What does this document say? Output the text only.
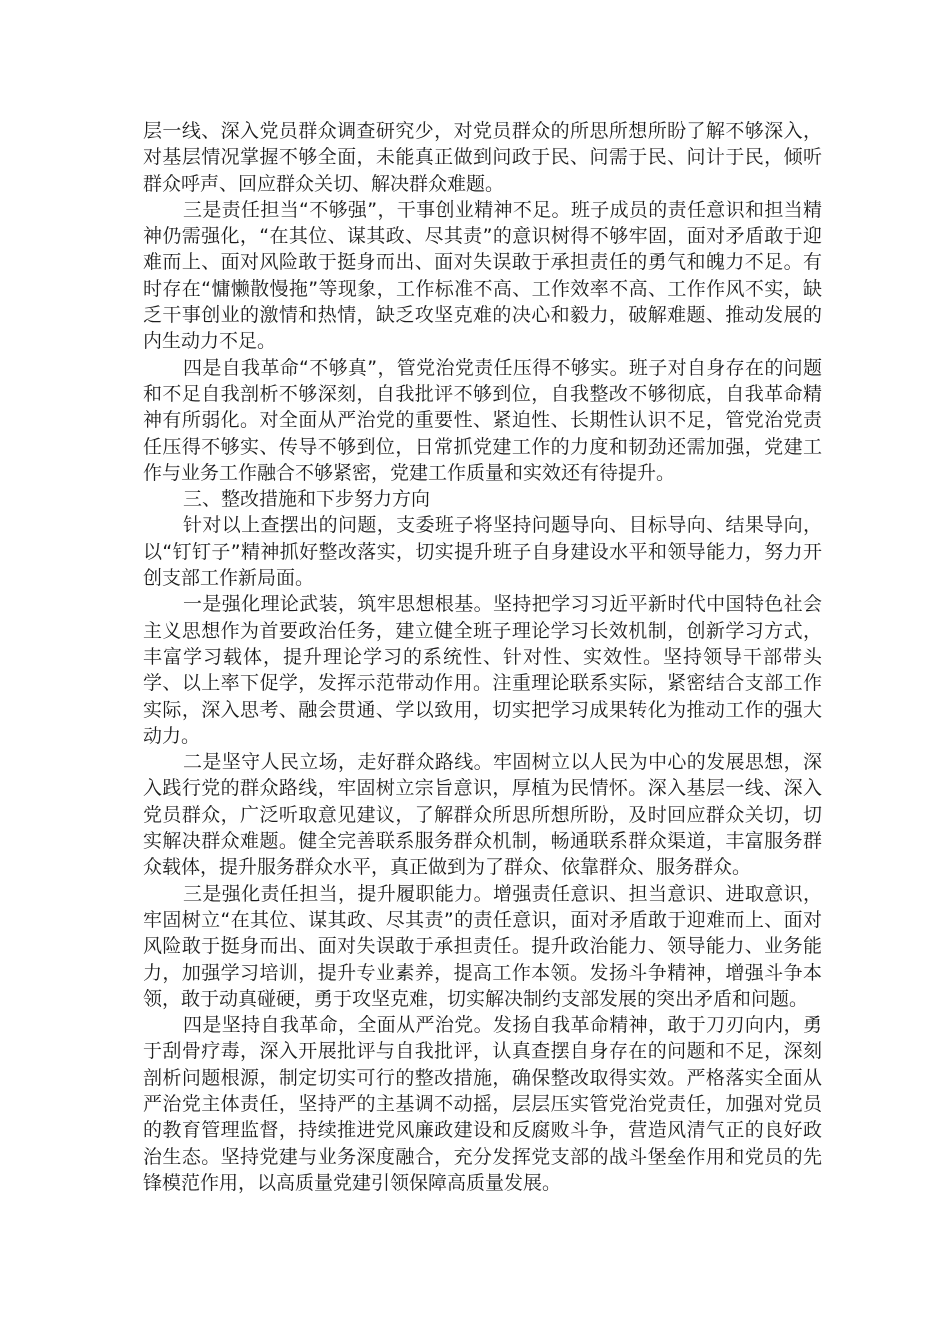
层一线、深入党员群众调查研究少，对党员群众的所思所想所盼了解不够深入，对基层情况掌握不够全面，未能真正做到问政于民、问需于民、问计于民，倾听群众呼声、回应群众关切、解决群众难题。

三是责任担当“不够强”，干事创业精神不足。班子成员的责任意识和担当精神仍需强化，“在其位、谋其政、尽其责”的意识树得不够牢固，面对矛盾敢于迎难而上、面对风险敢于挺身而出、面对失误敢于承担责任的勇气和魄力不足。有时存在“慵懒散慢拖”等现象，工作标准不高、工作效率不高、工作作风不实，缺乏干事创业的激情和热情，缺乏攻坚克难的决心和毅力，破解难题、推动发展的内生动力不足。

四是自我革命“不够真”，管党治党责任压得不够实。班子对自身存在的问题和不足自我剖析不够深刻，自我批评不够到位，自我整改不够彻底，自我革命精神有所弱化。对全面从严治党的重要性、紧迫性、长期性认识不足，管党治党责任压得不够实、传导不够到位，日常抓党建工作的力度和韧劲还需加强，党建工作与业务工作融合不够紧密，党建工作质量和实效还有待提升。

三、整改措施和下步努力方向

针对以上查摆出的问题，支委班子将坚持问题导向、目标导向、结果导向，以“钉钉子”精神抓好整改落实，切实提升班子自身建设水平和领导能力，努力开创支部工作新局面。

一是强化理论武装，筑牢思想根基。坚持把学习习近平新时代中国特色社会主义思想作为首要政治任务，建立健全班子理论学习长效机制，创新学习方式，丰富学习载体，提升理论学习的系统性、针对性、实效性。坚持领导干部带头学、以上率下促学，发挥示范带动作用。注重理论联系实际，紧密结合支部工作实际，深入思考、融会贯通、学以致用，切实把学习成果转化为推动工作的强大动力。

二是坚守人民立场，走好群众路线。牢固树立以人民为中心的发展思想，深入践行党的群众路线，牢固树立宗旨意识，厚植为民情怀。深入基层一线、深入党员群众，广泛听取意见建议，了解群众所思所想所盼，及时回应群众关切，切实解决群众难题。健全完善联系服务群众机制，畅通联系群众渠道，丰富服务群众载体，提升服务群众水平，真正做到为了群众、依靠群众、服务群众。

三是强化责任担当，提升履职能力。增强责任意识、担当意识、进取意识，牢固树立“在其位、谋其政、尽其责”的责任意识，面对矛盾敢于迎难而上、面对风险敢于挺身而出、面对失误敢于承担责任。提升政治能力、领导能力、业务能力，加强学习培训，提升专业素养，提高工作本领。发扬斗争精神，增强斗争本领，敢于动真碰硬，勇于攻坚克难，切实解决制约支部发展的突出矛盾和问题。

四是坚持自我革命，全面从严治党。发扬自我革命精神，敢于刀刃向内，勇于刮骨疗毒，深入开展批评与自我批评，认真查摆自身存在的问题和不足，深刻剖析问题根源，制定切实可行的整改措施，确保整改取得实效。严格落实全面从严治党主体责任，坚持严的主基调不动摇，层层压实管党治党责任，加强对党员的教育管理监督，持续推进党风廉政建设和反腐败斗争，营造风清气正的良好政治生态。坚持党建与业务深度融合，充分发挥党支部的战斗堡垒作用和党员的先锋模范作用，以高质量党建引领保障高质量发展。
